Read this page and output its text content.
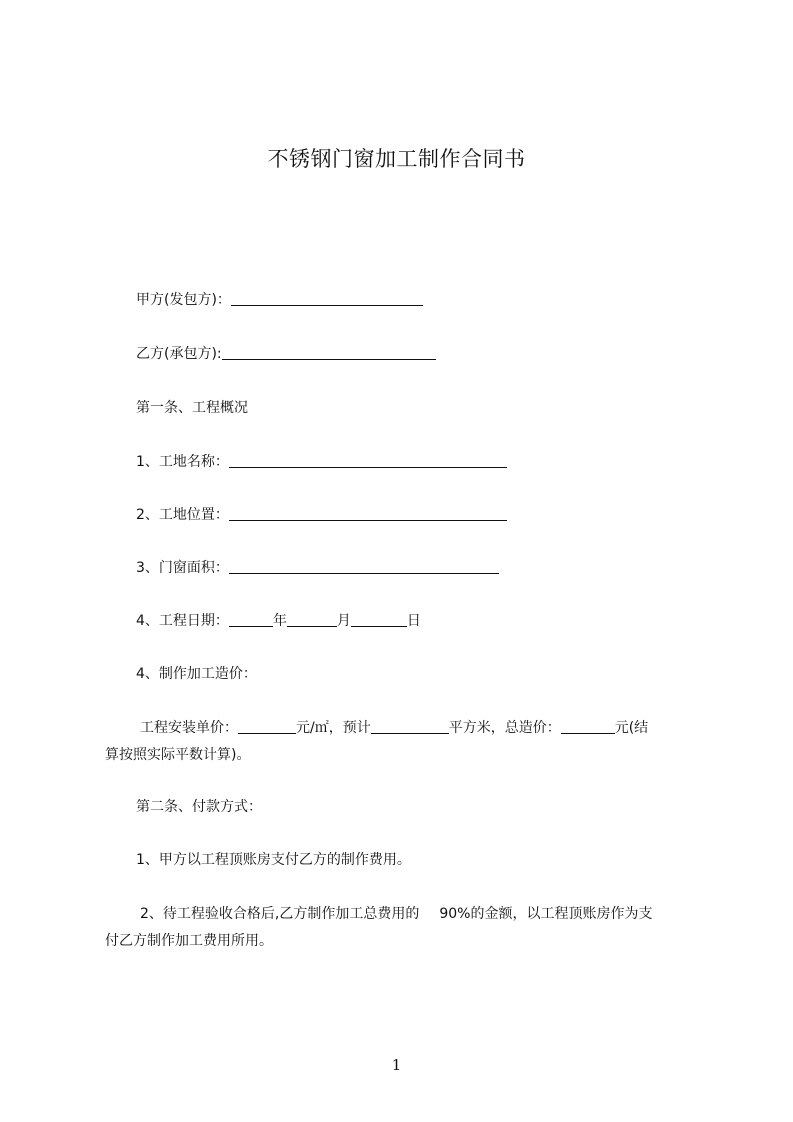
不锈钢门窗加工制作合同书
甲方(发包方)：
乙方(承包方):
第一条、工程概况
1、工地名称：
2、工地位置：
3、门窗面积：
4、工程日期：	年	月	日
4、制作加工造价：
工程安装单价：	元/㎡，预计	平方米，总造价：	元(结
算按照实际平数计算)。
第二条、付款方式：
1、甲方以工程顶账房支付乙方的制作费用。
2、待工程验收合格后,乙方制作加工总费用的 90%的金额，以工程顶账房作为支
付乙方制作加工费用所用。
1
